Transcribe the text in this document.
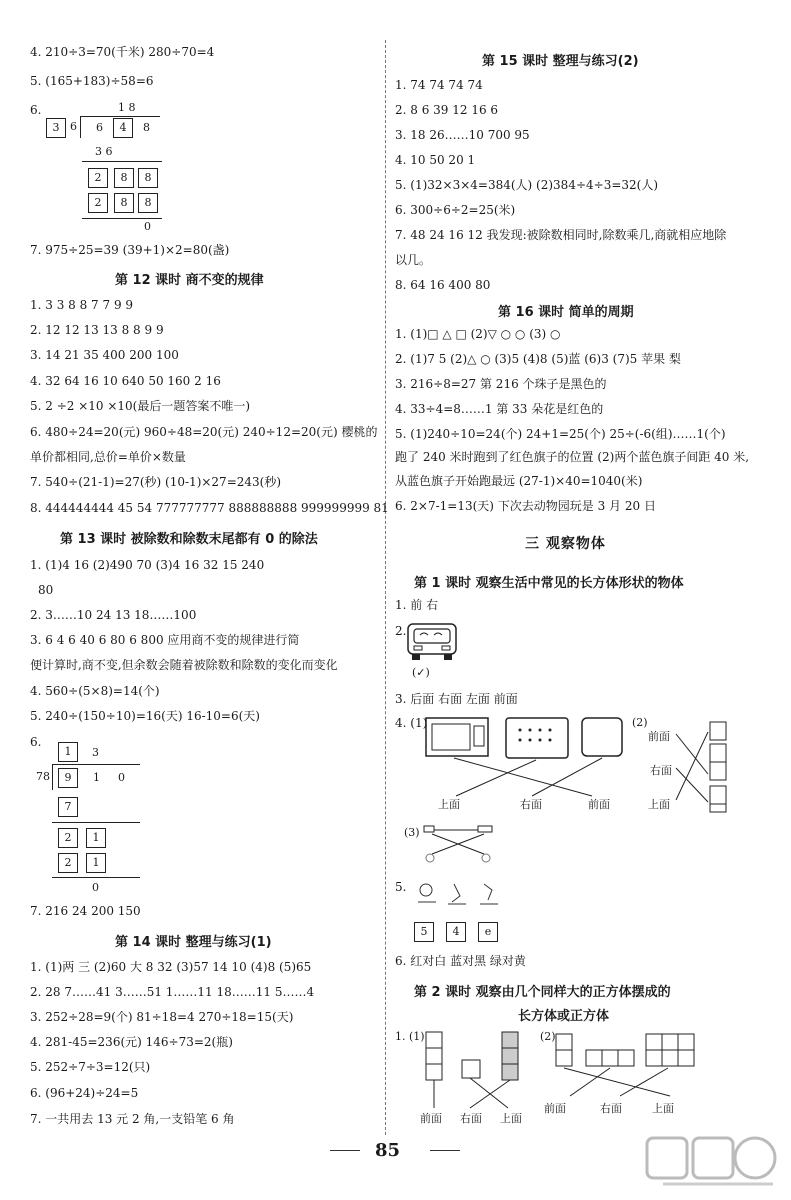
4. 210÷3=70(千米) 280÷70=4
5. (165+183)÷58=6
6.	1 8
3 6 6	4	8
3 6
2	8	8
2	8	8
0
7. 975÷25=39 (39+1)×2=80(盏)
第 12 课时 商不变的规律
1. 3 3 8 8 7 7 9 9
2. 12 12 13 13 8 8 9 9
3. 14 21 35 400 200 100
4. 32 64 16 10 640 50 160 2 16
5. 2 ÷2 ×10 ×10(最后一题答案不唯一)
6. 480÷24=20(元) 960÷48=20(元) 240÷12=20(元) 樱桃的
单价都相同,总价=单价×数量
7. 540÷(21-1)=27(秒) (10-1)×27=243(秒)
8. 444444444 45 54 777777777 888888888 999999999 81
第 13 课时 被除数和除数末尾都有 0 的除法
1. (1)4 16 (2)490 70 (3)4 16 32 15 240
80
2. 3……10 24 13 18……100
3. 6 4 6 40 6 80 6 800 应用商不变的规律进行简
便计算时,商不变,但余数会随着被除数和除数的变化而变化
4. 560÷(5×8)=14(个)
5. 240÷(150÷10)=16(天) 16-10=6(天)
6.
1	3
78	9	1 0
7
2	1
2	1
0
7. 216 24 200 150
第 14 课时 整理与练习(1)
1. (1)两 三 (2)60 大 8 32 (3)57 14 10 (4)8 (5)65
2. 28 7……41 3……51 1……11 18……11 5……4
3. 252÷28=9(个) 81÷18=4 270÷18=15(天)
4. 281-45=236(元) 146÷73=2(瓶)
5. 252÷7÷3=12(只)
6. (96+24)÷24=5
7. 一共用去 13 元 2 角,一支铅笔 6 角
第 15 课时 整理与练习(2)
1. 74 74 74 74
2. 8 6 39 12 16 6
3. 18 26……10 700 95
4. 10 50 20 1
5. (1)32×3×4=384(人) (2)384÷4÷3=32(人)
6. 300÷6÷2=25(米)
7. 48 24 16 12 我发现:被除数相同时,除数乘几,商就相应地除
以几。
8. 64 16 400 80
第 16 课时 简单的周期
1. (1)□ △ □ (2)▽ ○ ○ (3) ○
2. (1)7 5 (2)△ ○ (3)5 (4)8 (5)蓝 (6)3 (7)5 苹果 梨
3. 216÷8=27 第 216 个珠子是黑色的
4. 33÷4=8……1 第 33 朵花是红色的
5. (1)240÷10=24(个) 24+1=25(个) 25÷(-6(组)……1(个)
跑了 240 米时跑到了红色旗子的位置 (2)两个蓝色旗子间距 40 米,
从蓝色旗子开始跑最远 (27-1)×40=1040(米)
6. 2×7-1=13(天) 下次去动物园玩是 3 月 20 日
三 观察物体
第 1 课时 观察生活中常见的长方体形状的物体
1. 前 右
2.
(✓)
3. 后面 右面 左面 前面
4. (1)
上面	右面	前面
(2)
前面
右面
上面
(3)
5.
5	4	e
6. 红对白 蓝对黑 绿对黄
第 2 课时 观察由几个同样大的正方体摆成的
长方体或正方体
1. (1)
前面 右面 上面
(2)
前面	右面	上面
85
